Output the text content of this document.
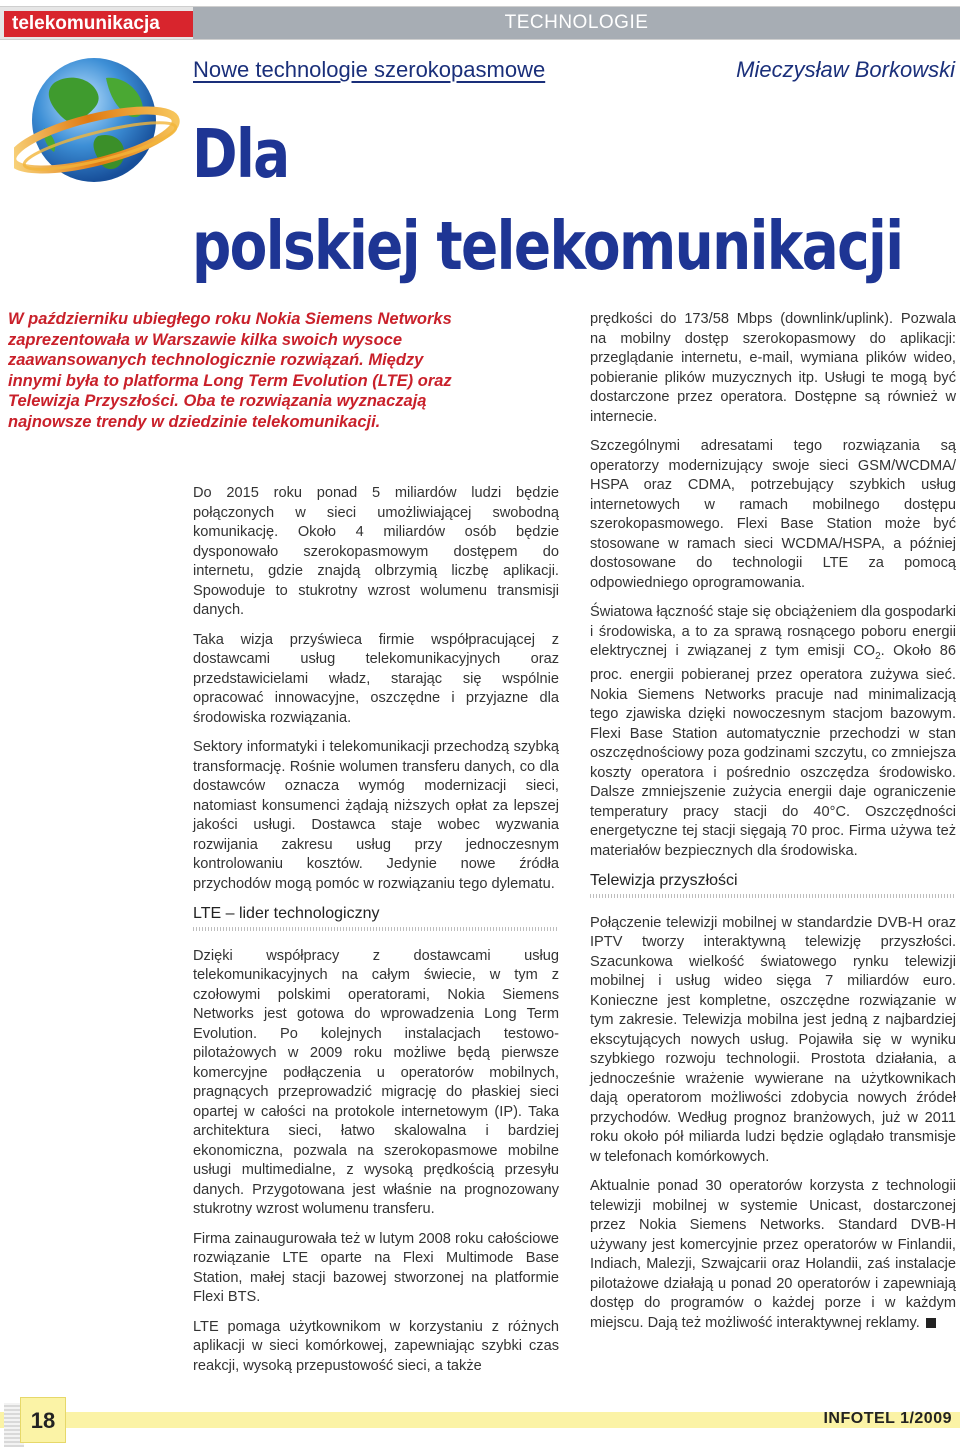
telekomunikacja	TECHNOLOGIE
Nowe technologie szerokopasmowe	Mieczysław Borkowski
Dla
polskiej telekomunikacji
W październiku ubiegłego roku Nokia Siemens Networks zaprezentowała w Warszawie kilka swoich wysoce zaawansowanych technologicznie rozwiązań. Między innymi była to platforma Long Term Evolution (LTE) oraz Telewizja Przyszłości. Oba te rozwiązania wyznaczają najnowsze trendy w dziedzinie telekomunikacji.

Do 2015 roku ponad 5 miliardów ludzi będzie połączonych w sieci umożliwiającej swobodną komunikację. Około 4 miliardów osób będzie dysponowało szerokopasmowym dostępem do internetu, gdzie znajdą olbrzymią liczbę aplikacji. Spowoduje to stukrotny wzrost wolumenu transmisji danych.

Taka wizja przyświeca firmie współpracującej z dostawcami usług telekomunikacyjnych oraz przedstawicielami władz, starając się wspólnie opracować innowacyjne, oszczędne i przyjazne dla środowiska rozwiązania.

Sektory informatyki i telekomunikacji przechodzą szybką transformację. Rośnie wolumen transferu danych, co dla dostawców oznacza wymóg modernizacji sieci, natomiast konsumenci żądają niższych opłat za lepszej jakości usługi. Dostawca staje wobec wyzwania rozwijania zakresu usług przy jednoczesnym kontrolowaniu kosztów. Jedynie nowe źródła przychodów mogą pomóc w rozwiązaniu tego dylematu.

LTE – lider technologiczny

Dzięki współpracy z dostawcami usług telekomunikacyjnych na całym świecie, w tym z czołowymi polskimi operatorami, Nokia Siemens Networks jest gotowa do wprowadzenia Long Term Evolution. Po kolejnych instalacjach testowo-pilotażowych w 2009 roku możliwe będą pierwsze komercyjne podłączenia u operatorów mobilnych, pragnących przeprowadzić migrację do płaskiej sieci opartej w całości na protokole internetowym (IP). Taka architektura sieci, łatwo skalowalna i bardziej ekonomiczna, pozwala na szerokopasmowe mobilne usługi multimedialne, z wysoką prędkością przesyłu danych. Przygotowana jest właśnie na prognozowany stukrotny wzrost wolumenu transferu.

Firma zainaugurowała też w lutym 2008 roku całościowe rozwiązanie LTE oparte na Flexi Multimode Base Station, małej stacji bazowej stworzonej na platformie Flexi BTS.

LTE pomaga użytkownikom w korzystaniu z różnych aplikacji w sieci komórkowej, zapewniając szybki czas reakcji, wysoką przepustowość sieci, a także

prędkości do 173/58 Mbps (downlink/uplink). Pozwala na mobilny dostęp szerokopasmowy do aplikacji: przeglądanie internetu, e-mail, wymiana plików wideo, pobieranie plików muzycznych itp. Usługi te mogą być dostarczone przez operatora. Dostępne są również w internecie.

Szczególnymi adresatami tego rozwiązania są operatorzy modernizujący swoje sieci GSM/WCDMA/ HSPA oraz CDMA, potrzebujący szybkich usług internetowych w ramach mobilnego dostępu szerokopasmowego. Flexi Base Station może być stosowane w ramach sieci WCDMA/HSPA, a później dostosowane do technologii LTE za pomocą odpowiedniego oprogramowania.

Światowa łączność staje się obciążeniem dla gospodarki i środowiska, a to za sprawą rosnącego poboru energii elektrycznej i związanej z tym emisji $CO_2$. Około 86 proc. energii pobieranej przez operatora zużywa sieć. Nokia Siemens Networks pracuje nad minimalizacją tego zjawiska dzięki nowoczesnym stacjom bazowym. Flexi Base Station automatycznie przechodzi w stan oszczędnościowy poza godzinami szczytu, co zmniejsza koszty operatora i pośrednio oszczędza środowisko. Dalsze zmniejszenie zużycia energii daje ograniczenie temperatury pracy stacji do 40°C. Oszczędności energetyczne tej stacji sięgają 70 proc. Firma używa też materiałów bezpiecznych dla środowiska.

Telewizja przyszłości

Połączenie telewizji mobilnej w standardzie DVB-H oraz IPTV tworzy interaktywną telewizję przyszłości. Szacunkowa wielkość światowego rynku telewizji mobilnej i usług wideo sięga 7 miliardów euro. Konieczne jest kompletne, oszczędne rozwiązanie w tym zakresie. Telewizja mobilna jest jedną z najbardziej ekscytujących nowych usług. Pojawiła się w wyniku szybkiego rozwoju technologii. Prostota działania, a jednocześnie wrażenie wywierane na użytkownikach dają operatorom możliwości zdobycia nowych źródeł przychodów. Według prognoz branżowych, już w 2011 roku około pół miliarda ludzi będzie oglądało transmisje w telefonach komórkowych.

Aktualnie ponad 30 operatorów korzysta z technologii telewizji mobilnej w systemie Unicast, dostarczonej przez Nokia Siemens Networks. Standard DVB-H używany jest komercyjnie przez operatorów w Finlandii, Indiach, Malezji, Szwajcarii oraz Holandii, zaś instalacje pilotażowe działają u ponad 20 operatorów i zapewniają dostęp do programów o każdej porze i w każdym miejscu. Dają też możliwość interaktywnej reklamy.

18	INFOTEL 1/2009
